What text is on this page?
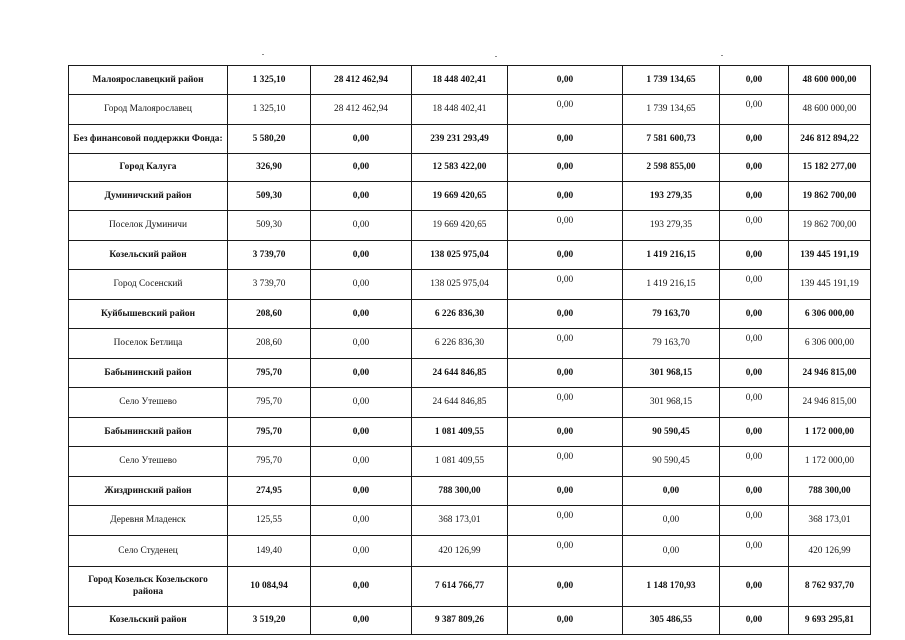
Малоярославецкий район	1 325,10	28 412 462,94	18 448 402,41	0,00	1 739 134,65	0,00	48 600 000,00
Город Малоярославец	1 325,10	28 412 462,94	18 448 402,41	0,00	1 739 134,65	0,00	48 600 000,00
Без финансовой поддержки Фонда:	5 580,20	0,00	239 231 293,49	0,00	7 581 600,73	0,00	246 812 894,22
Город Калуга	326,90	0,00	12 583 422,00	0,00	2 598 855,00	0,00	15 182 277,00
Думиничский район	509,30	0,00	19 669 420,65	0,00	193 279,35	0,00	19 862 700,00
Поселок Думиничи	509,30	0,00	19 669 420,65	0,00	193 279,35	0,00	19 862 700,00
Козельский район	3 739,70	0,00	138 025 975,04	0,00	1 419 216,15	0,00	139 445 191,19
Город Сосенский	3 739,70	0,00	138 025 975,04	0,00	1 419 216,15	0,00	139 445 191,19
Куйбышевский район	208,60	0,00	6 226 836,30	0,00	79 163,70	0,00	6 306 000,00
Поселок Бетлица	208,60	0,00	6 226 836,30	0,00	79 163,70	0,00	6 306 000,00
Бабынинский район	795,70	0,00	24 644 846,85	0,00	301 968,15	0,00	24 946 815,00
Село Утешево	795,70	0,00	24 644 846,85	0,00	301 968,15	0,00	24 946 815,00
Бабынинский район	795,70	0,00	1 081 409,55	0,00	90 590,45	0,00	1 172 000,00
Село Утешево	795,70	0,00	1 081 409,55	0,00	90 590,45	0,00	1 172 000,00
Жиздринский район	274,95	0,00	788 300,00	0,00	0,00	0,00	788 300,00
Деревня Младенск	125,55	0,00	368 173,01	0,00	0,00	0,00	368 173,01
Село Студенец	149,40	0,00	420 126,99	0,00	0,00	0,00	420 126,99
Город Козельск Козельского района	10 084,94	0,00	7 614 766,77	0,00	1 148 170,93	0,00	8 762 937,70
Козельский район	3 519,20	0,00	9 387 809,26	0,00	305 486,55	0,00	9 693 295,81
